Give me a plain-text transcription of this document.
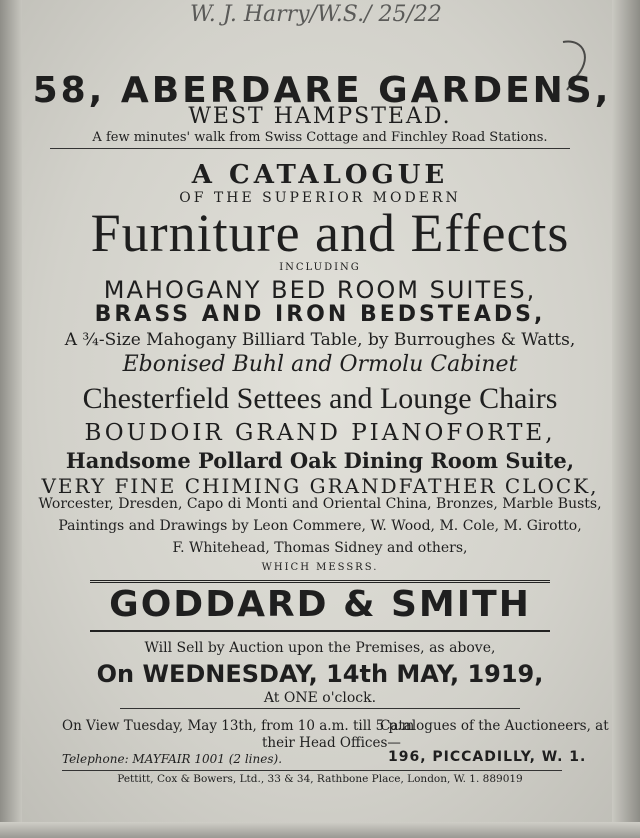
W. J. Harry/W.S./ 25/22
58, ABERDARE GARDENS,
WEST HAMPSTEAD.
A few minutes' walk from Swiss Cottage and Finchley Road Stations.
A CATALOGUE
OF THE SUPERIOR MODERN
Furniture and Effects
INCLUDING
MAHOGANY BED ROOM SUITES,
BRASS AND IRON BEDSTEADS,
A ¾-Size Mahogany Billiard Table, by Burroughes & Watts,
Ebonised Buhl and Ormolu Cabinet
Chesterfield Settees and Lounge Chairs
BOUDOIR GRAND PIANOFORTE,
Handsome Pollard Oak Dining Room Suite,
VERY FINE CHIMING GRANDFATHER CLOCK,
Worcester, Dresden, Capo di Monti and Oriental China, Bronzes, Marble Busts,
Paintings and Drawings by Leon Commere, W. Wood, M. Cole, M. Girotto,
F. Whitehead, Thomas Sidney and others,
WHICH MESSRS.
GODDARD & SMITH
Will Sell by Auction upon the Premises, as above,
On WEDNESDAY, 14th MAY, 1919,
At ONE o'clock.
On View Tuesday, May 13th, from 10 a.m. till 5 p.m
Catalogues of the Auctioneers, at
their Head Offices—
Telephone: MAYFAIR 1001 (2 lines).	196, PICCADILLY, W. 1.
Pettitt, Cox & Bowers, Ltd., 33 & 34, Rathbone Place, London, W. 1. 889019
